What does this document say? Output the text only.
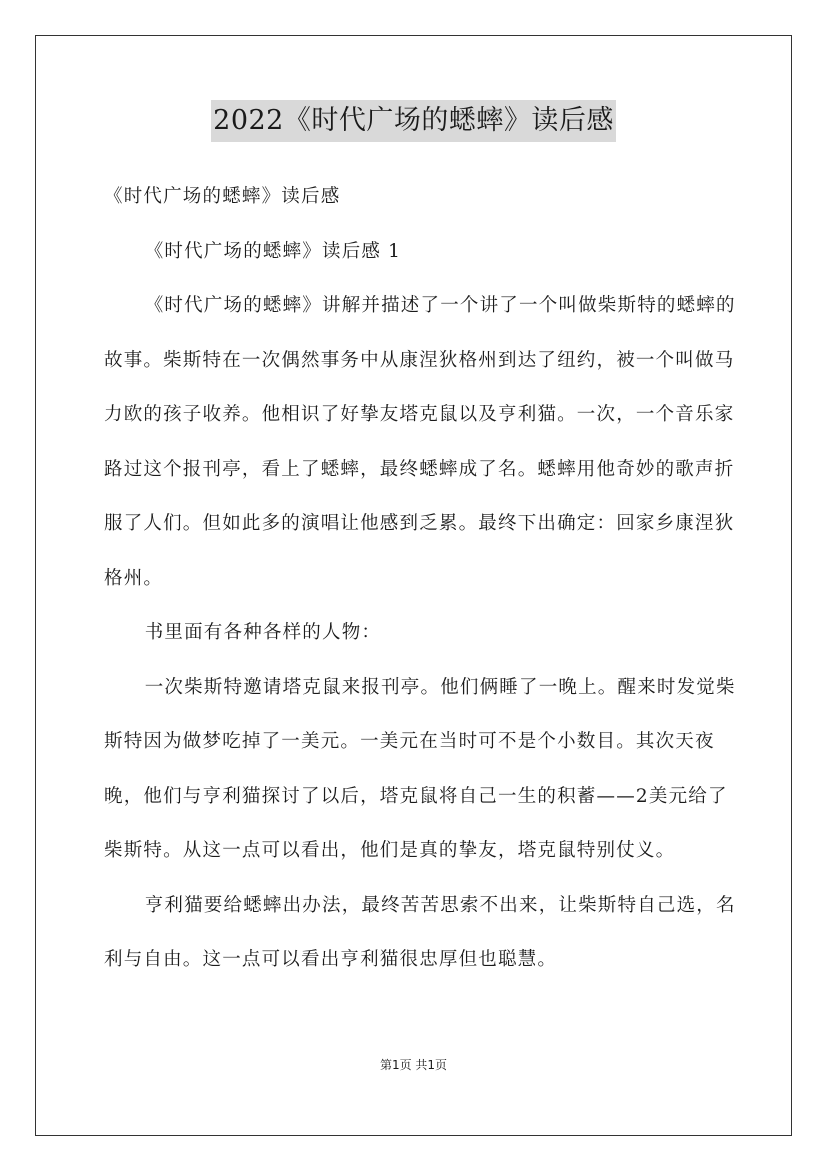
2022《时代广场的蟋蟀》读后感

《时代广场的蟋蟀》读后感

《时代广场的蟋蟀》读后感 1

《时代广场的蟋蟀》讲解并描述了一个讲了一个叫做柴斯特的蟋蟀的故事。柴斯特在一次偶然事务中从康涅狄格州到达了纽约，被一个叫做马力欧的孩子收养。他相识了好挚友塔克鼠以及亨利猫。一次，一个音乐家路过这个报刊亭，看上了蟋蟀，最终蟋蟀成了名。蟋蟀用他奇妙的歌声折服了人们。但如此多的演唱让他感到乏累。最终下出确定：回家乡康涅狄格州。

书里面有各种各样的人物：

一次柴斯特邀请塔克鼠来报刊亭。他们俩睡了一晚上。醒来时发觉柴斯特因为做梦吃掉了一美元。一美元在当时可不是个小数目。其次天夜晚，他们与亨利猫探讨了以后，塔克鼠将自己一生的积蓄——2美元给了柴斯特。从这一点可以看出，他们是真的挚友，塔克鼠特别仗义。

亨利猫要给蟋蟀出办法，最终苦苦思索不出来，让柴斯特自己选，名利与自由。这一点可以看出亨利猫很忠厚但也聪慧。

第1页 共1页
